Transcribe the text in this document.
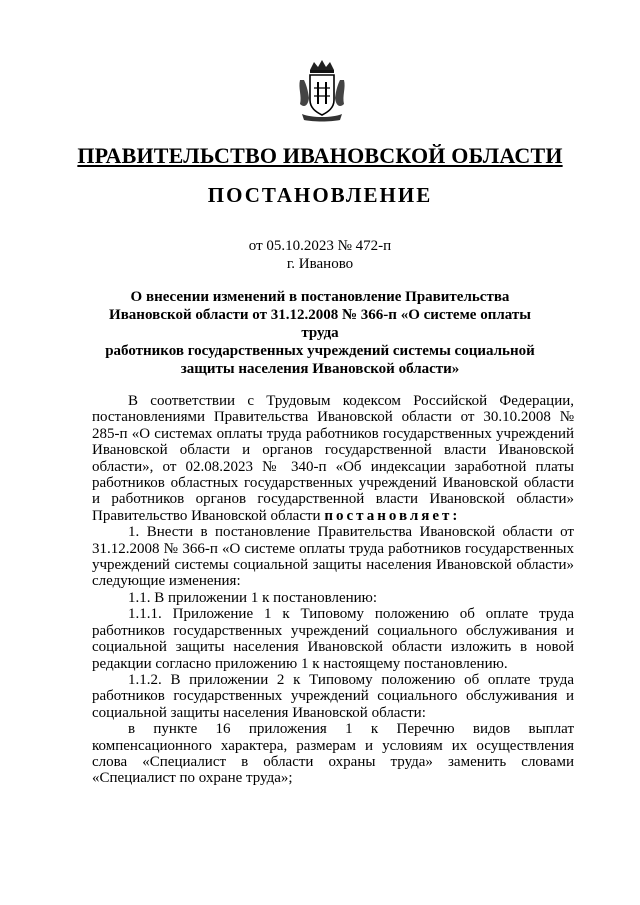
ПРАВИТЕЛЬСТВО ИВАНОВСКОЙ ОБЛАСТИ
ПОСТАНОВЛЕНИЕ
от 05.10.2023 № 472-п
г. Иваново
О внесении изменений в постановление Правительства
Ивановской области от 31.12.2008 № 366-п «О системе оплаты труда
работников государственных учреждений системы социальной
защиты населения Ивановской области»

В соответствии с Трудовым кодексом Российской Федерации, постановлениями Правительства Ивановской области от 30.10.2008 № 285-п «О системах оплаты труда работников государственных учреждений Ивановской области и органов государственной власти Ивановской области», от 02.08.2023 № 340-п «Об индексации заработной платы работников областных государственных учреждений Ивановской области и работников органов государственной власти Ивановской области» Правительство Ивановской области постановляет:

1. Внести в постановление Правительства Ивановской области от 31.12.2008 № 366-п «О системе оплаты труда работников государственных учреждений системы социальной защиты населения Ивановской области» следующие изменения:

1.1. В приложении 1 к постановлению:

1.1.1. Приложение 1 к Типовому положению об оплате труда работников государственных учреждений социального обслуживания и социальной защиты населения Ивановской области изложить в новой редакции согласно приложению 1 к настоящему постановлению.

1.1.2. В приложении 2 к Типовому положению об оплате труда работников государственных учреждений социального обслуживания и социальной защиты населения Ивановской области:

в пункте 16 приложения 1 к Перечню видов выплат компенсационного характера, размерам и условиям их осуществления слова «Специалист в области охраны труда» заменить словами «Специалист по охране труда»;
